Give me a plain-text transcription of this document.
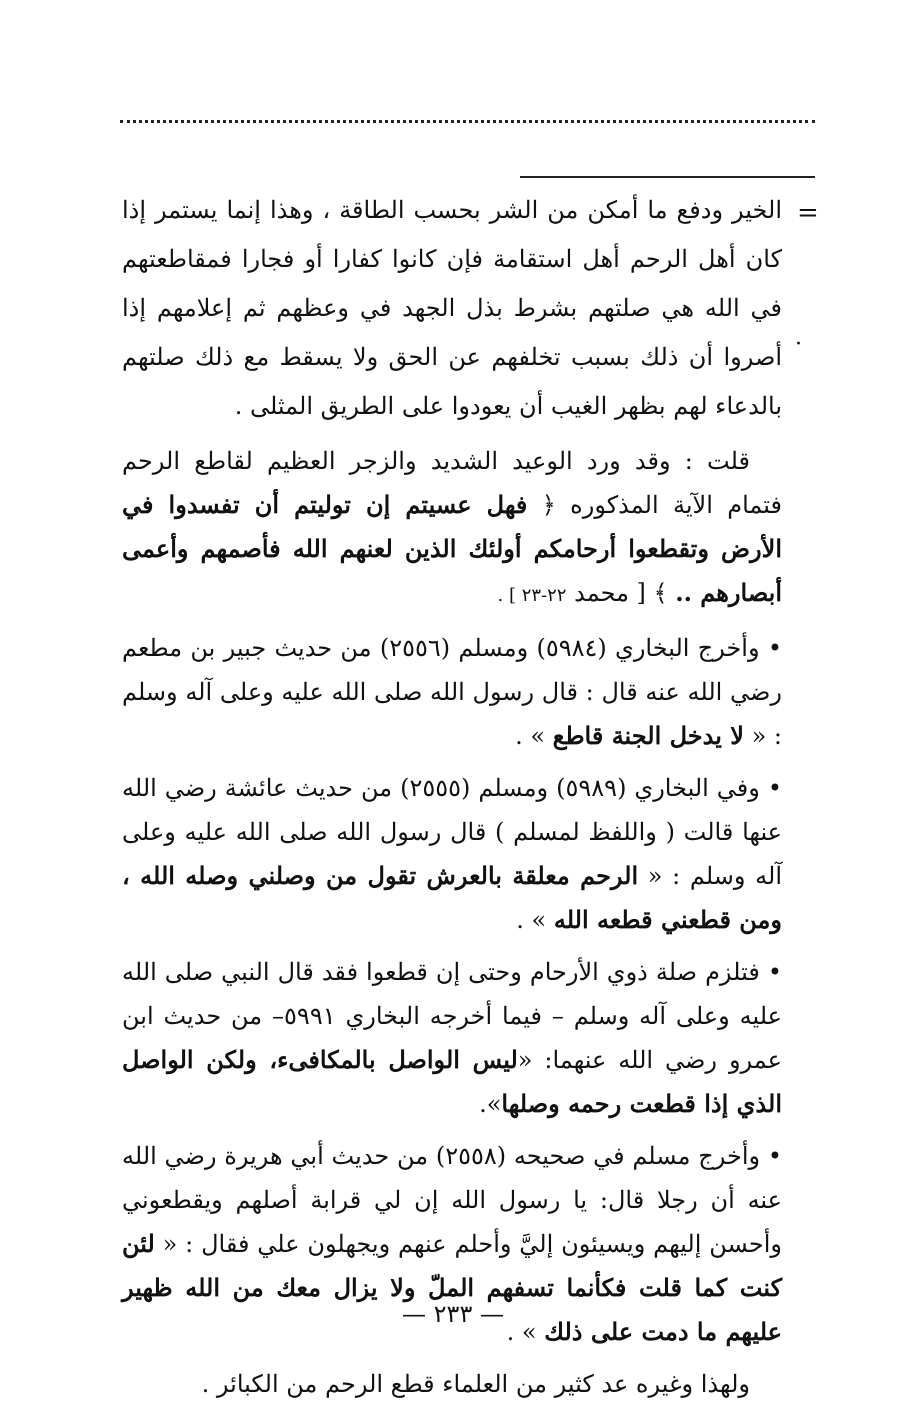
=
·

الخير ودفع ما أمكن من الشر بحسب الطاقة ، وهذا إنما يستمر إذا كان أهل الرحم أهل استقامة فإن كانوا كفارا أو فجارا فمقاطعتهم في الله هي صلتهم بشرط بذل الجهد في وعظهم ثم إعلامهم إذا أصروا أن ذلك بسبب تخلفهم عن الحق ولا يسقط مع ذلك صلتهم بالدعاء لهم بظهر الغيب أن يعودوا على الطريق المثلى .

قلت : وقد ورد الوعيد الشديد والزجر العظيم لقاطع الرحم فتمام الآية المذكوره ﴿ فهل عسيتم إن توليتم أن تفسدوا في الأرض وتقطعوا أرحامكم أولئك الذين لعنهم الله فأصمهم وأعمى أبصارهم .. ﴾ [ محمد ٢٢-٢٣ ] .

• وأخرج البخاري (٥٩٨٤) ومسلم (٢٥٥٦) من حديث جبير بن مطعم رضي الله عنه قال : قال رسول الله صلى الله عليه وعلى آله وسلم : « لا يدخل الجنة قاطع » .

• وفي البخاري (٥٩٨٩) ومسلم (٢٥٥٥) من حديث عائشة رضي الله عنها قالت ( واللفظ لمسلم ) قال رسول الله صلى الله عليه وعلى آله وسلم : « الرحم معلقة بالعرش تقول من وصلني وصله الله ، ومن قطعني قطعه الله » .

• فتلزم صلة ذوي الأرحام وحتى إن قطعوا فقد قال النبي صلى الله عليه وعلى آله وسلم – فيما أخرجه البخاري ٥٩٩١– من حديث ابن عمرو رضي الله عنهما: «ليس الواصل بالمكافىء، ولكن الواصل الذي إذا قطعت رحمه وصلها».

• وأخرج مسلم في صحيحه (٢٥٥٨) من حديث أبي هريرة رضي الله عنه أن رجلا قال: يا رسول الله إن لي قرابة أصلهم ويقطعوني وأحسن إليهم ويسيئون إليَّ وأحلم عنهم ويجهلون علي فقال : « لئن كنت كما قلت فكأنما تسفهم الملّ ولا يزال معك من الله ظهير عليهم ما دمت على ذلك » .

ولهذا وغيره عد كثير من العلماء قطع الرحم من الكبائر .

— ٢٣٣ —
